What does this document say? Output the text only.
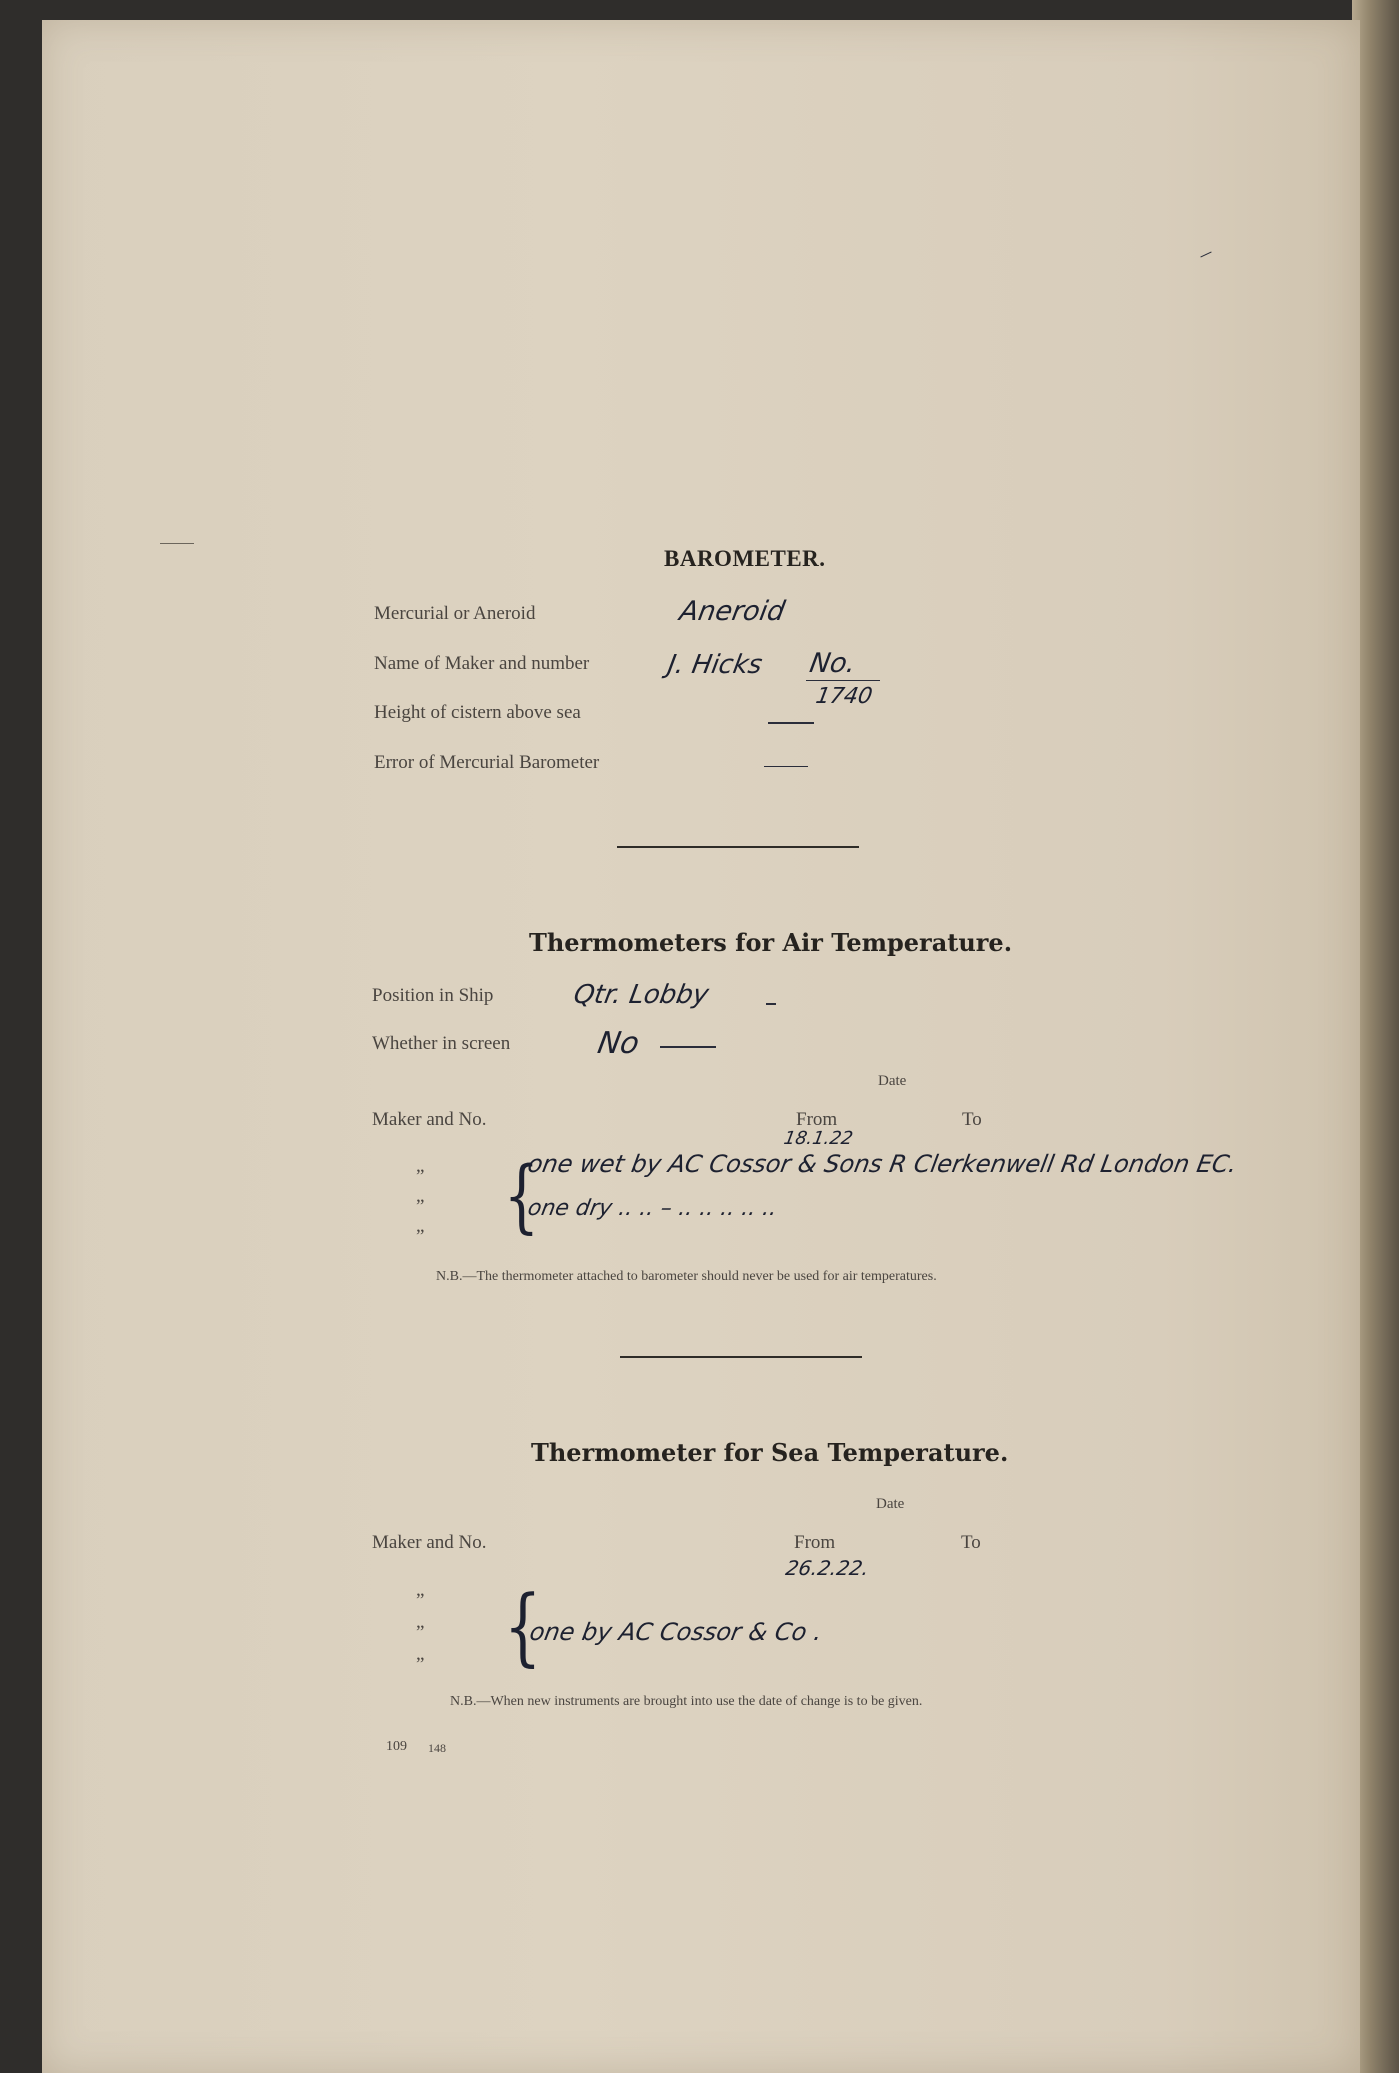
BAROMETER.
Mercurial or Aneroid	Aneroid
Name of Maker and number	J. Hicks No.
1740
Height of cistern above sea
Error of Mercurial Barometer
Thermometers for Air Temperature.
Position in Ship	Qtr. Lobby
Whether in screen	No
Date
Maker and No.	From	To
18.1.22
”
”
” {
one wet by AC Cossor & Sons R Clerkenwell Rd London EC.
one dry .. .. – .. .. .. .. ..
N.B.—The thermometer attached to barometer should never be used for air temperatures.
Thermometer for Sea Temperature.
Date
Maker and No.	From	To
26.2.22.
”
”
” {
one by AC Cossor & Co .
N.B.—When new instruments are brought into use the date of change is to be given.
109 148
